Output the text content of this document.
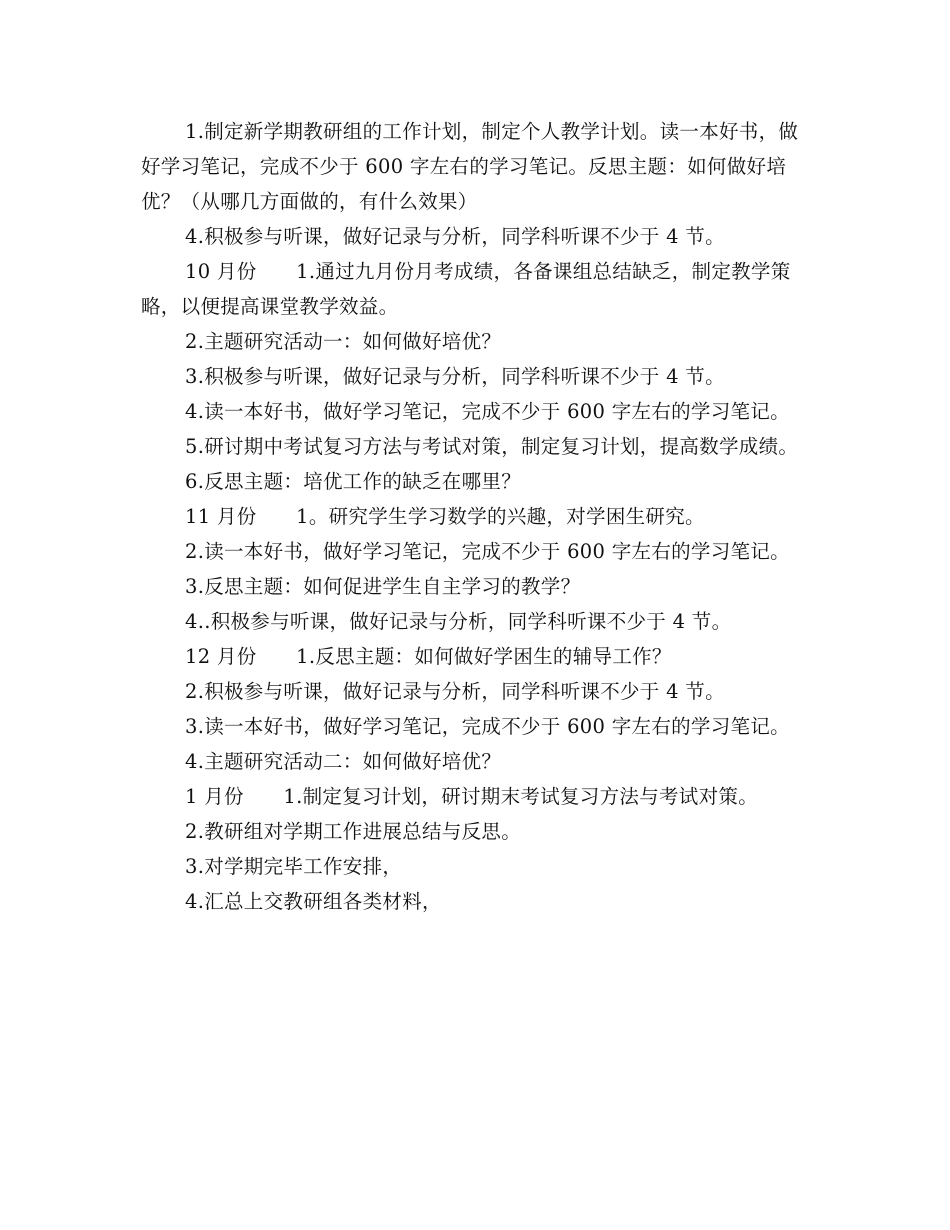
1.制定新学期教研组的工作计划，制定个人教学计划。读一本好书，做好学习笔记，完成不少于 600 字左右的学习笔记。反思主题：如何做好培优？（从哪几方面做的，有什么效果）

4.积极参与听课，做好记录与分析，同学科听课不少于 4 节。

10 月份　　1.通过九月份月考成绩，各备课组总结缺乏，制定教学策略，以便提高课堂教学效益。

2.主题研究活动一：如何做好培优？

3.积极参与听课，做好记录与分析，同学科听课不少于 4 节。

4.读一本好书，做好学习笔记，完成不少于 600 字左右的学习笔记。

5.研讨期中考试复习方法与考试对策，制定复习计划，提高数学成绩。

6.反思主题：培优工作的缺乏在哪里？

11 月份　　1。研究学生学习数学的兴趣，对学困生研究。

2.读一本好书，做好学习笔记，完成不少于 600 字左右的学习笔记。

3.反思主题：如何促进学生自主学习的教学？

4..积极参与听课，做好记录与分析，同学科听课不少于 4 节。

12 月份　　1.反思主题：如何做好学困生的辅导工作？

2.积极参与听课，做好记录与分析，同学科听课不少于 4 节。

3.读一本好书，做好学习笔记，完成不少于 600 字左右的学习笔记。

4.主题研究活动二：如何做好培优？

1 月份　　1.制定复习计划，研讨期末考试复习方法与考试对策。

2.教研组对学期工作进展总结与反思。

3.对学期完毕工作安排，

4.汇总上交教研组各类材料，
